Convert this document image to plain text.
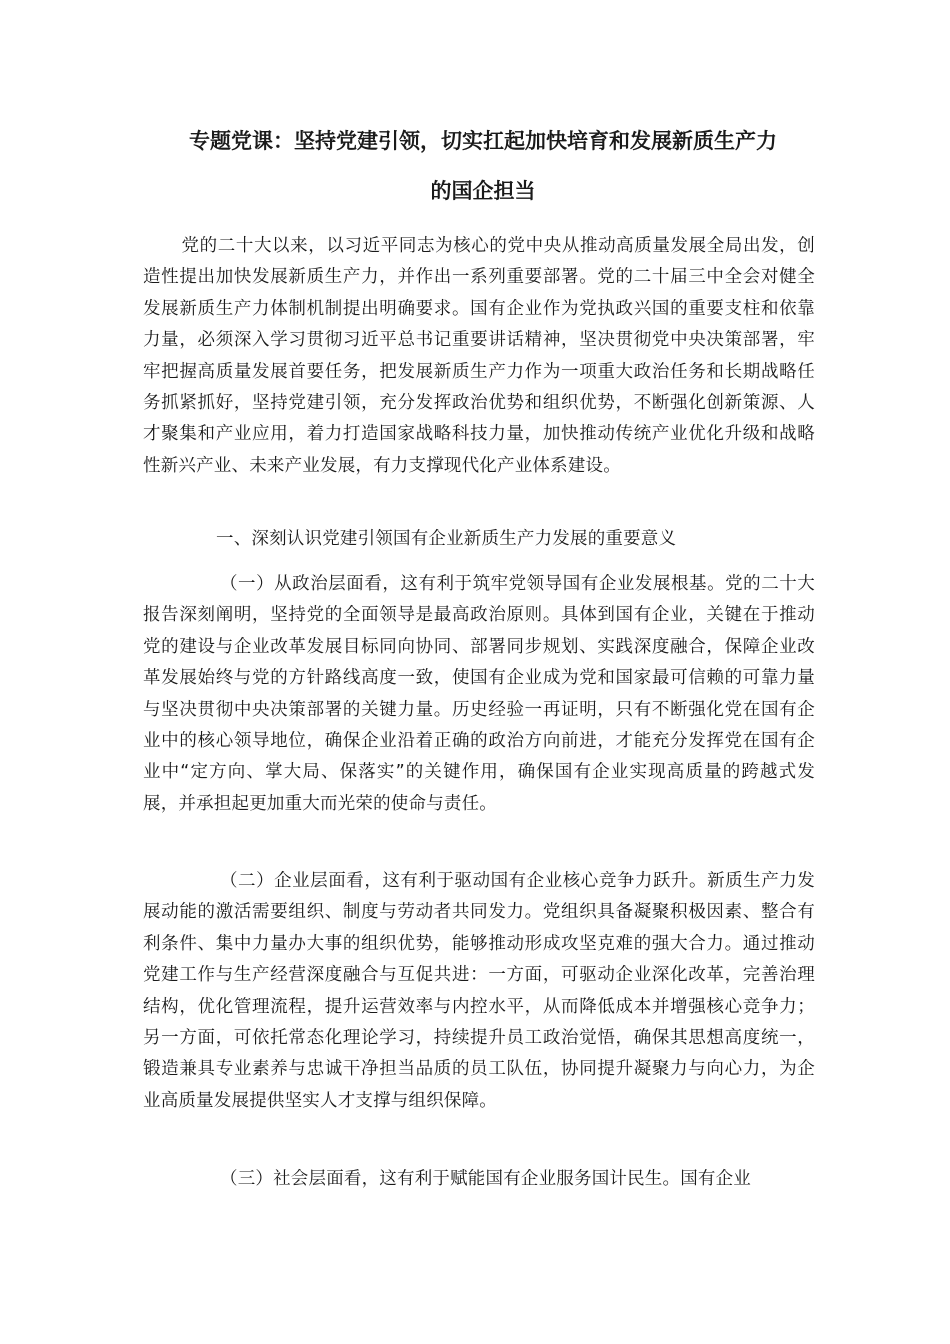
专题党课：坚持党建引领，切实扛起加快培育和发展新质生产力
的国企担当

党的二十大以来，以习近平同志为核心的党中央从推动高质量发展全局出发，创造性提出加快发展新质生产力，并作出一系列重要部署。党的二十届三中全会对健全发展新质生产力体制机制提出明确要求。国有企业作为党执政兴国的重要支柱和依靠力量，必须深入学习贯彻习近平总书记重要讲话精神，坚决贯彻党中央决策部署，牢牢把握高质量发展首要任务，把发展新质生产力作为一项重大政治任务和长期战略任务抓紧抓好，坚持党建引领，充分发挥政治优势和组织优势，不断强化创新策源、人才聚集和产业应用，着力打造国家战略科技力量，加快推动传统产业优化升级和战略性新兴产业、未来产业发展，有力支撑现代化产业体系建设。

一、深刻认识党建引领国有企业新质生产力发展的重要意义

（一）从政治层面看，这有利于筑牢党领导国有企业发展根基。党的二十大报告深刻阐明，坚持党的全面领导是最高政治原则。具体到国有企业，关键在于推动党的建设与企业改革发展目标同向协同、部署同步规划、实践深度融合，保障企业改革发展始终与党的方针路线高度一致，使国有企业成为党和国家最可信赖的可靠力量与坚决贯彻中央决策部署的关键力量。历史经验一再证明，只有不断强化党在国有企业中的核心领导地位，确保企业沿着正确的政治方向前进，才能充分发挥党在国有企业中“定方向、掌大局、保落实”的关键作用，确保国有企业实现高质量的跨越式发展，并承担起更加重大而光荣的使命与责任。

（二）企业层面看，这有利于驱动国有企业核心竞争力跃升。新质生产力发展动能的激活需要组织、制度与劳动者共同发力。党组织具备凝聚积极因素、整合有利条件、集中力量办大事的组织优势，能够推动形成攻坚克难的强大合力。通过推动党建工作与生产经营深度融合与互促共进：一方面，可驱动企业深化改革，完善治理结构，优化管理流程，提升运营效率与内控水平，从而降低成本并增强核心竞争力；另一方面，可依托常态化理论学习，持续提升员工政治觉悟，确保其思想高度统一，锻造兼具专业素养与忠诚干净担当品质的员工队伍，协同提升凝聚力与向心力，为企业高质量发展提供坚实人才支撑与组织保障。

（三）社会层面看，这有利于赋能国有企业服务国计民生。国有企业
